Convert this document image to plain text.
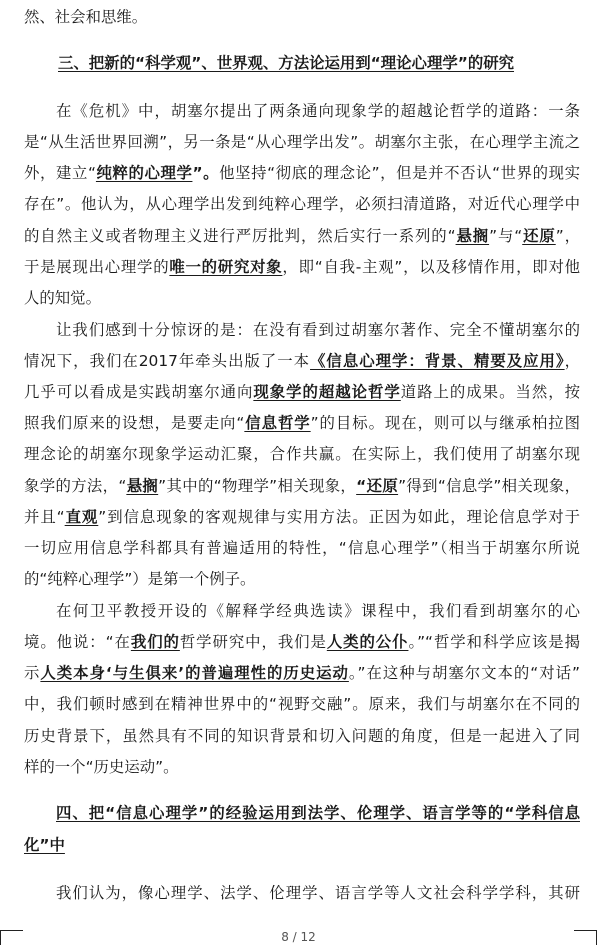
然、社会和思维。
三、把新的“科学观”、世界观、方法论运用到“理论心理学”的研究
在《危机》中，胡塞尔提出了两条通向现象学的超越论哲学的道路：一条
是“从生活世界回溯”，另一条是“从心理学出发”。胡塞尔主张，在心理学主流之
外，建立“纯粹的心理学”。他坚持“彻底的理念论”，但是并不否认“世界的现实
存在”。他认为，从心理学出发到纯粹心理学，必须扫清道路，对近代心理学中
的自然主义或者物理主义进行严厉批判，然后实行一系列的“悬搁”与“还原”，
于是展现出心理学的唯一的研究对象，即“自我-主观”，以及移情作用，即对他
人的知觉。
让我们感到十分惊讶的是：在没有看到过胡塞尔著作、完全不懂胡塞尔的
情况下，我们在2017年牵头出版了一本《信息心理学：背景、精要及应用》，
几乎可以看成是实践胡塞尔通向现象学的超越论哲学道路上的成果。当然，按
照我们原来的设想，是要走向“信息哲学”的目标。现在，则可以与继承柏拉图
理念论的胡塞尔现象学运动汇聚，合作共赢。在实际上，我们使用了胡塞尔现
象学的方法，“悬搁”其中的“物理学”相关现象，“还原”得到“信息学”相关现象，
并且“直观”到信息现象的客观规律与实用方法。正因为如此，理论信息学对于
一切应用信息学科都具有普遍适用的特性，“信息心理学”（相当于胡塞尔所说
的“纯粹心理学”）是第一个例子。
在何卫平教授开设的《解释学经典选读》课程中，我们看到胡塞尔的心
境。他说：“在我们的哲学研究中，我们是人类的公仆。”“哲学和科学应该是揭
示人类本身‘与生俱来’的普遍理性的历史运动。”在这种与胡塞尔文本的“对话”
中，我们顿时感到在精神世界中的“视野交融”。原来，我们与胡塞尔在不同的
历史背景下，虽然具有不同的知识背景和切入问题的角度，但是一起进入了同
样的一个“历史运动”。
四、把“信息心理学”的经验运用到法学、伦理学、语言学等的“学科信息
化”中
我们认为，像心理学、法学、伦理学、语言学等人文社会科学学科，其研
8 / 12
